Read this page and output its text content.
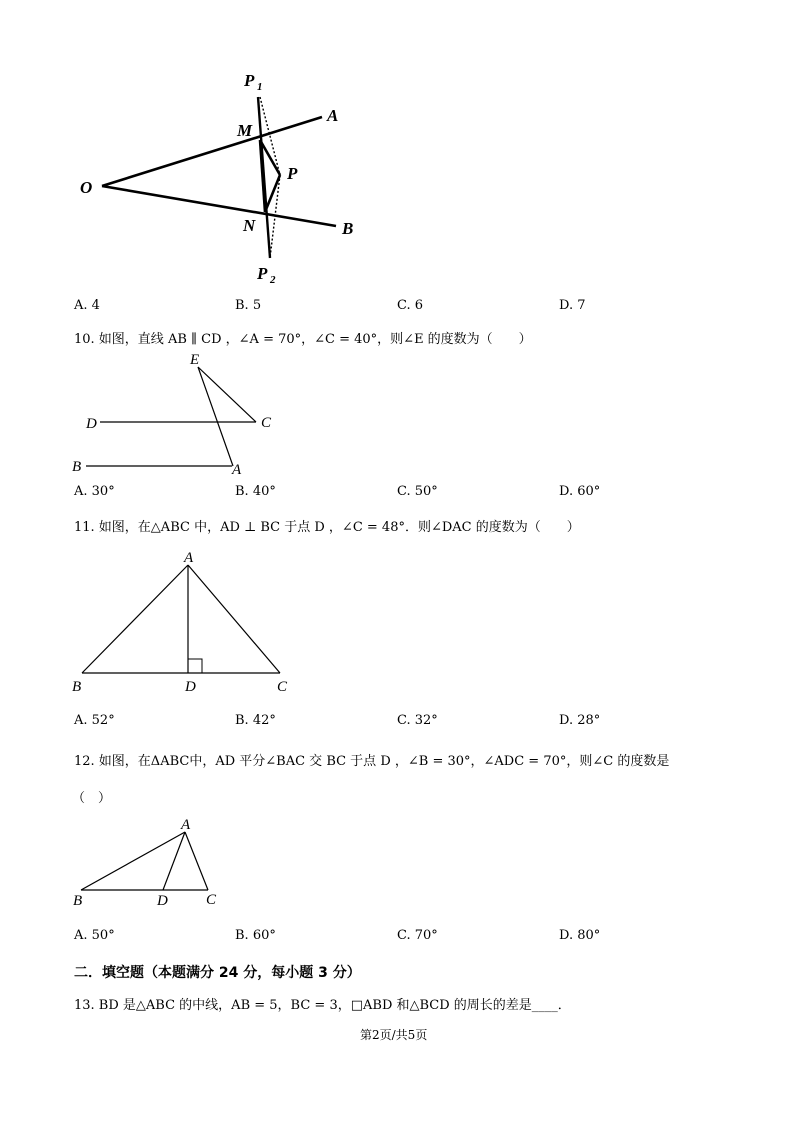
O
A
B
M
N
P
P 1
P 2
A. 4	B. 5	C. 6	D. 7
10. 如图，直线 AB ∥ CD ，∠A = 70°，∠C = 40°，则∠E 的度数为（　　）
E
D	C
B	A
A. 30°	B. 40°	C. 50°	D. 60°
11. 如图，在△ABC 中，AD ⊥ BC 于点 D ，∠C = 48°．则∠DAC 的度数为（　　）
A
B	D	C
A. 52°	B. 42°	C. 32°	D. 28°
12. 如图，在ΔABC中，AD 平分∠BAC 交 BC 于点 D ，∠B = 30°，∠ADC = 70°，则∠C 的度数是
（　）
A
B	D	C
A. 50°	B. 60°	C. 70°	D. 80°
二．填空题（本题满分 24 分，每小题 3 分）
13. BD 是△ABC 的中线，AB = 5，BC = 3，□ABD 和△BCD 的周长的差是____．
第2页/共5页
